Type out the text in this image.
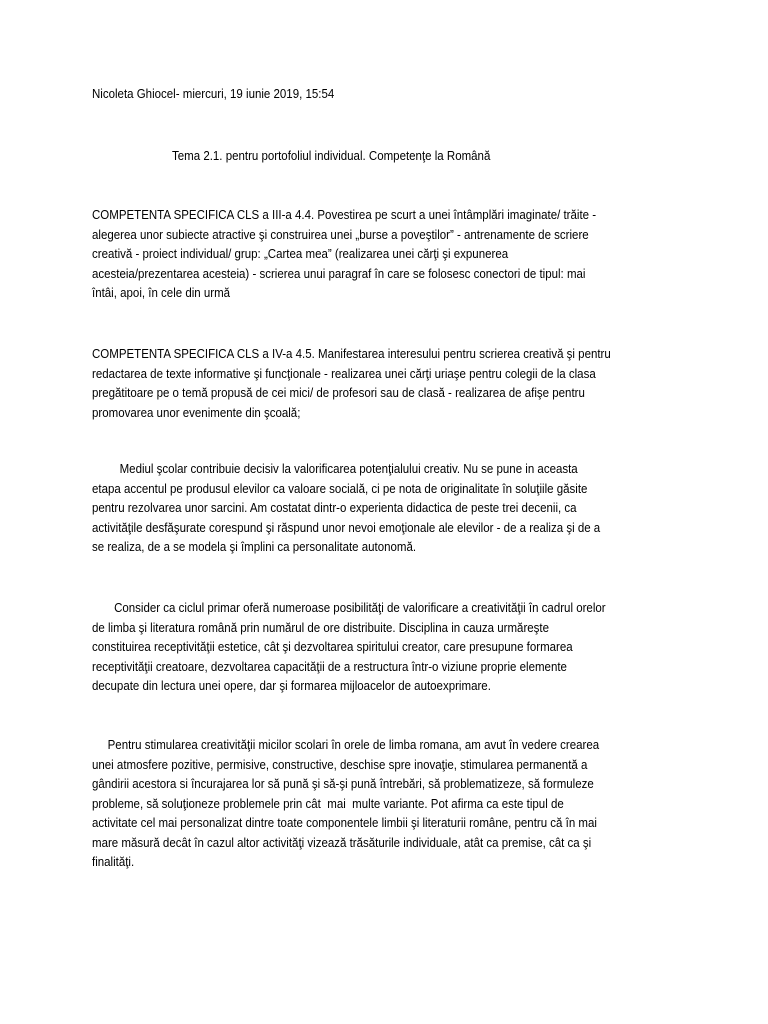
Nicoleta Ghiocel- miercuri, 19 iunie 2019, 15:54
Tema 2.1. pentru portofoliul individual. Competenţe la Română
COMPETENTA SPECIFICA CLS a III-a 4.4. Povestirea pe scurt a unei întâmplări imaginate/ trăite -
alegerea unor subiecte atractive şi construirea unei „burse a poveştilor” - antrenamente de scriere
creativă - proiect individual/ grup: „Cartea mea” (realizarea unei cărţi şi expunerea
acesteia/prezentarea acesteia) - scrierea unui paragraf în care se folosesc conectori de tipul: mai
întâi, apoi, în cele din urmă
COMPETENTA SPECIFICA CLS a IV-a 4.5. Manifestarea interesului pentru scrierea creativă şi pentru
redactarea de texte informative şi funcţionale - realizarea unei cărţi uriaşe pentru colegii de la clasa
pregătitoare pe o temă propusă de cei mici/ de profesori sau de clasă - realizarea de afişe pentru
promovarea unor evenimente din şcoală;
Mediul şcolar contribuie decisiv la valorificarea potenţialului creativ. Nu se pune in aceasta
etapa accentul pe produsul elevilor ca valoare socială, ci pe nota de originalitate în soluţiile găsite
pentru rezolvarea unor sarcini. Am costatat dintr-o experienta didactica de peste trei decenii, ca
activităţile desfăşurate corespund şi răspund unor nevoi emoţionale ale elevilor - de a realiza şi de a
se realiza, de a se modela şi împlini ca personalitate autonomă.
Consider ca ciclul primar oferă numeroase posibilităţi de valorificare a creativităţii în cadrul orelor
de limba şi literatura română prin numărul de ore distribuite. Disciplina in cauza urmăreşte
constituirea receptivităţii estetice, cât şi dezvoltarea spiritului creator, care presupune formarea
receptivităţii creatoare, dezvoltarea capacităţii de a restructura într-o viziune proprie elemente
decupate din lectura unei opere, dar şi formarea mijloacelor de autoexprimare.
Pentru stimularea creativităţii micilor scolari în orele de limba romana, am avut în vedere crearea
unei atmosfere pozitive, permisive, constructive, deschise spre inovaţie, stimularea permanentă a
gândirii acestora si încurajarea lor să pună şi să-şi pună întrebări, să problematizeze, să formuleze
probleme, să soluţioneze problemele prin cât  mai  multe variante. Pot afirma ca este tipul de
activitate cel mai personalizat dintre toate componentele limbii şi literaturii române, pentru că în mai
mare măsură decât în cazul altor activităţi vizează trăsăturile individuale, atât ca premise, cât ca şi
finalităţi.
